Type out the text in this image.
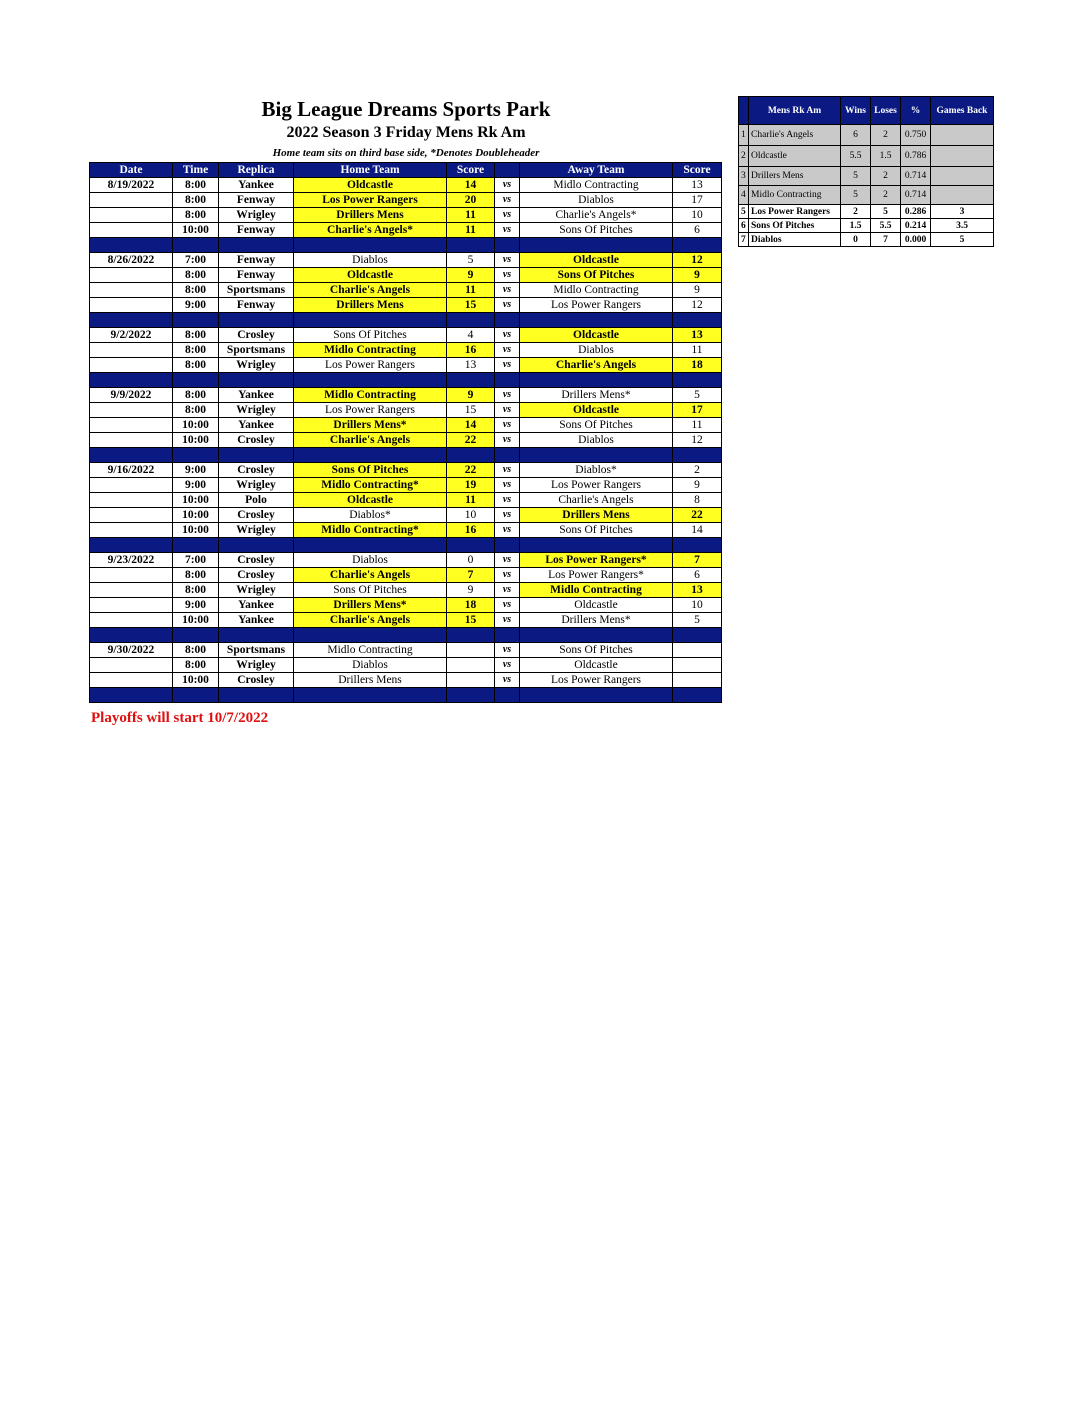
Big League Dreams Sports Park
2022 Season 3 Friday Mens Rk Am
Home team sits on third base side, *Denotes Doubleheader
Date	Time	Replica	Home Team	Score		Away Team	Score
8/19/2022	8:00	Yankee	Oldcastle	14	vs	Midlo Contracting	13
	8:00	Fenway	Los Power Rangers	20	vs	Diablos	17
	8:00	Wrigley	Drillers Mens	11	vs	Charlie's Angels*	10
	10:00	Fenway	Charlie's Angels*	11	vs	Sons Of Pitches	6

8/26/2022	7:00	Fenway	Diablos	5	vs	Oldcastle	12
	8:00	Fenway	Oldcastle	9	vs	Sons Of Pitches	9
	8:00	Sportsmans	Charlie's Angels	11	vs	Midlo Contracting	9
	9:00	Fenway	Drillers Mens	15	vs	Los Power Rangers	12

9/2/2022	8:00	Crosley	Sons Of Pitches	4	vs	Oldcastle	13
	8:00	Sportsmans	Midlo Contracting	16	vs	Diablos	11
	8:00	Wrigley	Los Power Rangers	13	vs	Charlie's Angels	18

9/9/2022	8:00	Yankee	Midlo Contracting	9	vs	Drillers Mens*	5
	8:00	Wrigley	Los Power Rangers	15	vs	Oldcastle	17
	10:00	Yankee	Drillers Mens*	14	vs	Sons Of Pitches	11
	10:00	Crosley	Charlie's Angels	22	vs	Diablos	12

9/16/2022	9:00	Crosley	Sons Of Pitches	22	vs	Diablos*	2
	9:00	Wrigley	Midlo Contracting*	19	vs	Los Power Rangers	9
	10:00	Polo	Oldcastle	11	vs	Charlie's Angels	8
	10:00	Crosley	Diablos*	10	vs	Drillers Mens	22
	10:00	Wrigley	Midlo Contracting*	16	vs	Sons Of Pitches	14

9/23/2022	7:00	Crosley	Diablos	0	vs	Los Power Rangers*	7
	8:00	Crosley	Charlie's Angels	7	vs	Los Power Rangers*	6
	8:00	Wrigley	Sons Of Pitches	9	vs	Midlo Contracting	13
	9:00	Yankee	Drillers Mens*	18	vs	Oldcastle	10
	10:00	Yankee	Charlie's Angels	15	vs	Drillers Mens*	5

9/30/2022	8:00	Sportsmans	Midlo Contracting		vs	Sons Of Pitches	
	8:00	Wrigley	Diablos		vs	Oldcastle	
	10:00	Crosley	Drillers Mens		vs	Los Power Rangers	

Playoffs will start 10/7/2022
	Mens Rk Am	Wins	Loses	%	Games Back
1	Charlie's Angels	6	2	0.750	
2	Oldcastle	5.5	1.5	0.786	
3	Drillers Mens	5	2	0.714	
4	Midlo Contracting	5	2	0.714	
5	Los Power Rangers	2	5	0.286	3
6	Sons Of Pitches	1.5	5.5	0.214	3.5
7	Diablos	0	7	0.000	5
